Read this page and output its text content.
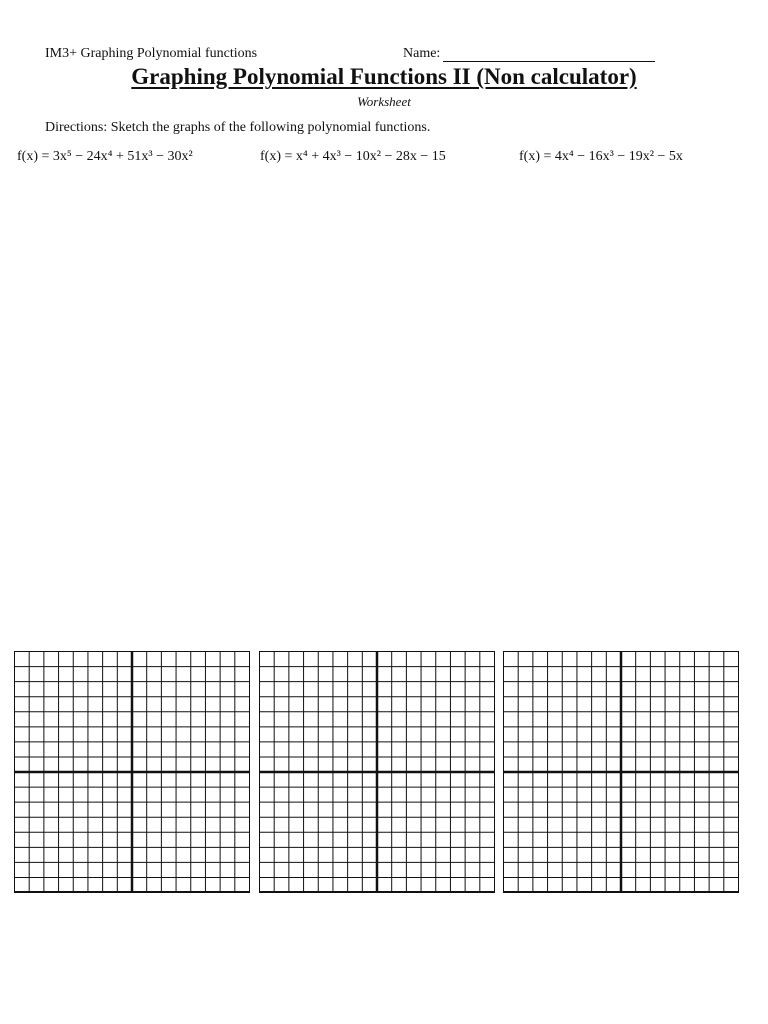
IM3+ Graphing Polynomial functions	Name:
Graphing Polynomial Functions II (Non calculator)
Worksheet
Directions: Sketch the graphs of the following polynomial functions.
f(x) = 3x⁵ − 24x⁴ + 51x³ − 30x²	f(x) = x⁴ + 4x³ − 10x² − 28x − 15	f(x) = 4x⁴ − 16x³ − 19x² − 5x
